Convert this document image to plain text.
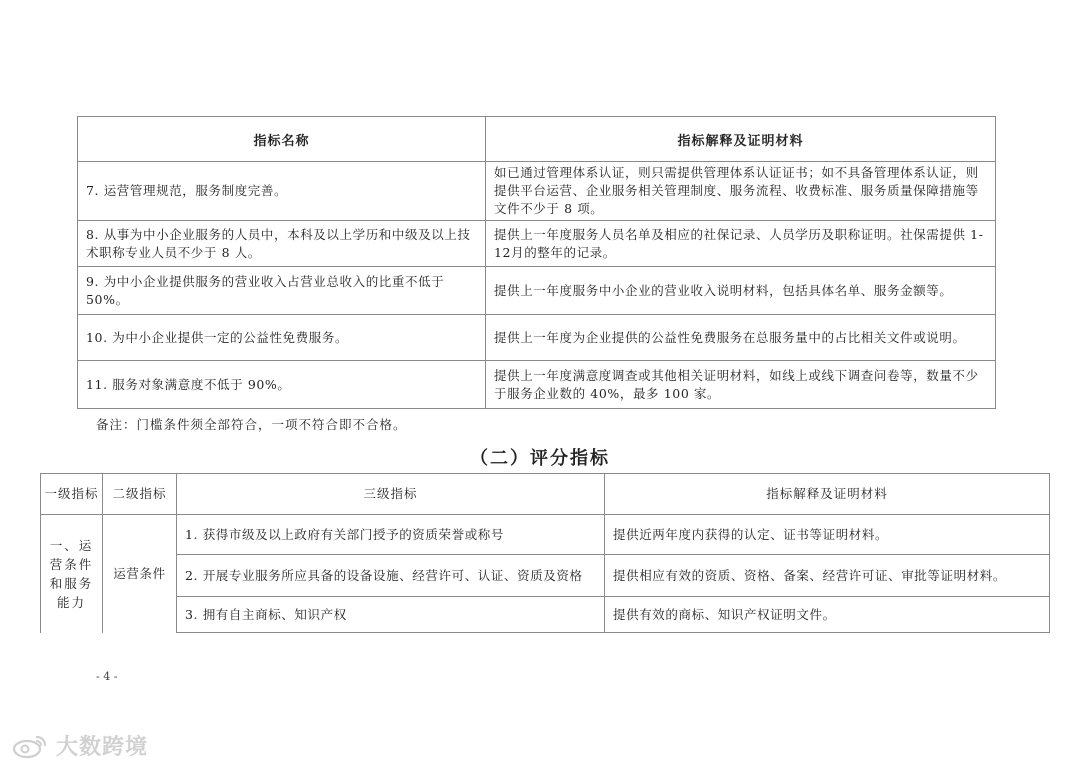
指标名称	指标解释及证明材料
7. 运营管理规范，服务制度完善。	如已通过管理体系认证，则只需提供管理体系认证证书；如不具备管理体系认证，则提供平台运营、企业服务相关管理制度、服务流程、收费标准、服务质量保障措施等文件不少于 8 项。
8. 从事为中小企业服务的人员中，本科及以上学历和中级及以上技术职称专业人员不少于 8 人。	提供上一年度服务人员名单及相应的社保记录、人员学历及职称证明。社保需提供 1-12月的整年的记录。
9. 为中小企业提供服务的营业收入占营业总收入的比重不低于50%。	提供上一年度服务中小企业的营业收入说明材料，包括具体名单、服务金额等。
10. 为中小企业提供一定的公益性免费服务。	提供上一年度为企业提供的公益性免费服务在总服务量中的占比相关文件或说明。
11. 服务对象满意度不低于 90%。	提供上一年度满意度调查或其他相关证明材料，如线上或线下调查问卷等，数量不少于服务企业数的 40%，最多 100 家。
备注：门槛条件须全部符合，一项不符合即不合格。
（二）评分指标
一级指标	二级指标	三级指标	指标解释及证明材料
一、运营条件和服务能力	运营条件	1. 获得市级及以上政府有关部门授予的资质荣誉或称号	提供近两年度内获得的认定、证书等证明材料。
		2. 开展专业服务所应具备的设备设施、经营许可、认证、资质及资格	提供相应有效的资质、资格、备案、经营许可证、审批等证明材料。
		3. 拥有自主商标、知识产权	提供有效的商标、知识产权证明文件。
- 4 -
大数跨境
